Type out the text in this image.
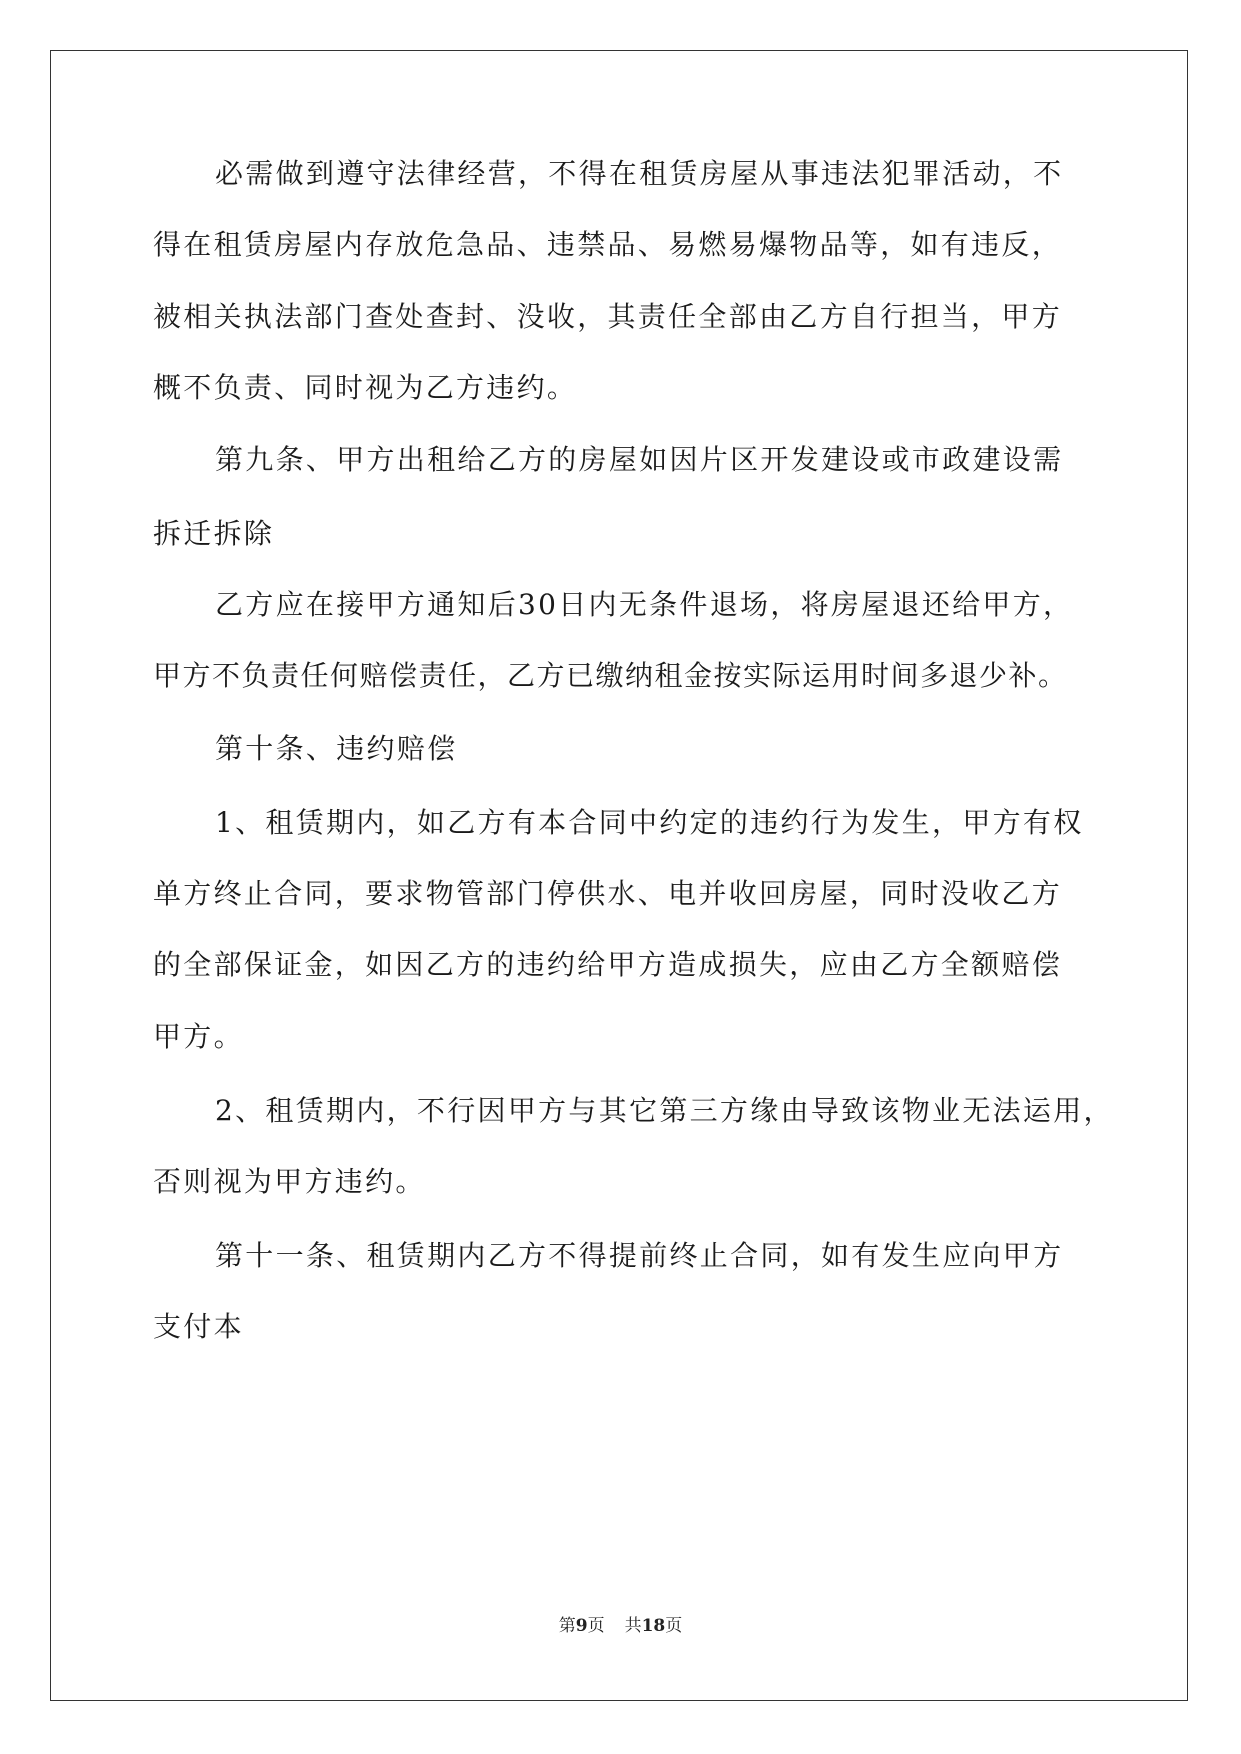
必需做到遵守法律经营，不得在租赁房屋从事违法犯罪活动，不
得在租赁房屋内存放危急品、违禁品、易燃易爆物品等，如有违反，
被相关执法部门查处查封、没收，其责任全部由乙方自行担当，甲方
概不负责、同时视为乙方违约。
第九条、甲方出租给乙方的房屋如因片区开发建设或市政建设需
拆迁拆除
乙方应在接甲方通知后30日内无条件退场，将房屋退还给甲方，
甲方不负责任何赔偿责任，乙方已缴纳租金按实际运用时间多退少补。
第十条、违约赔偿
1、租赁期内，如乙方有本合同中约定的违约行为发生，甲方有权
单方终止合同，要求物管部门停供水、电并收回房屋，同时没收乙方
的全部保证金，如因乙方的违约给甲方造成损失，应由乙方全额赔偿
甲方。
2、租赁期内，不行因甲方与其它第三方缘由导致该物业无法运用，
否则视为甲方违约。
第十一条、租赁期内乙方不得提前终止合同，如有发生应向甲方
支付本
第9页 共18页
